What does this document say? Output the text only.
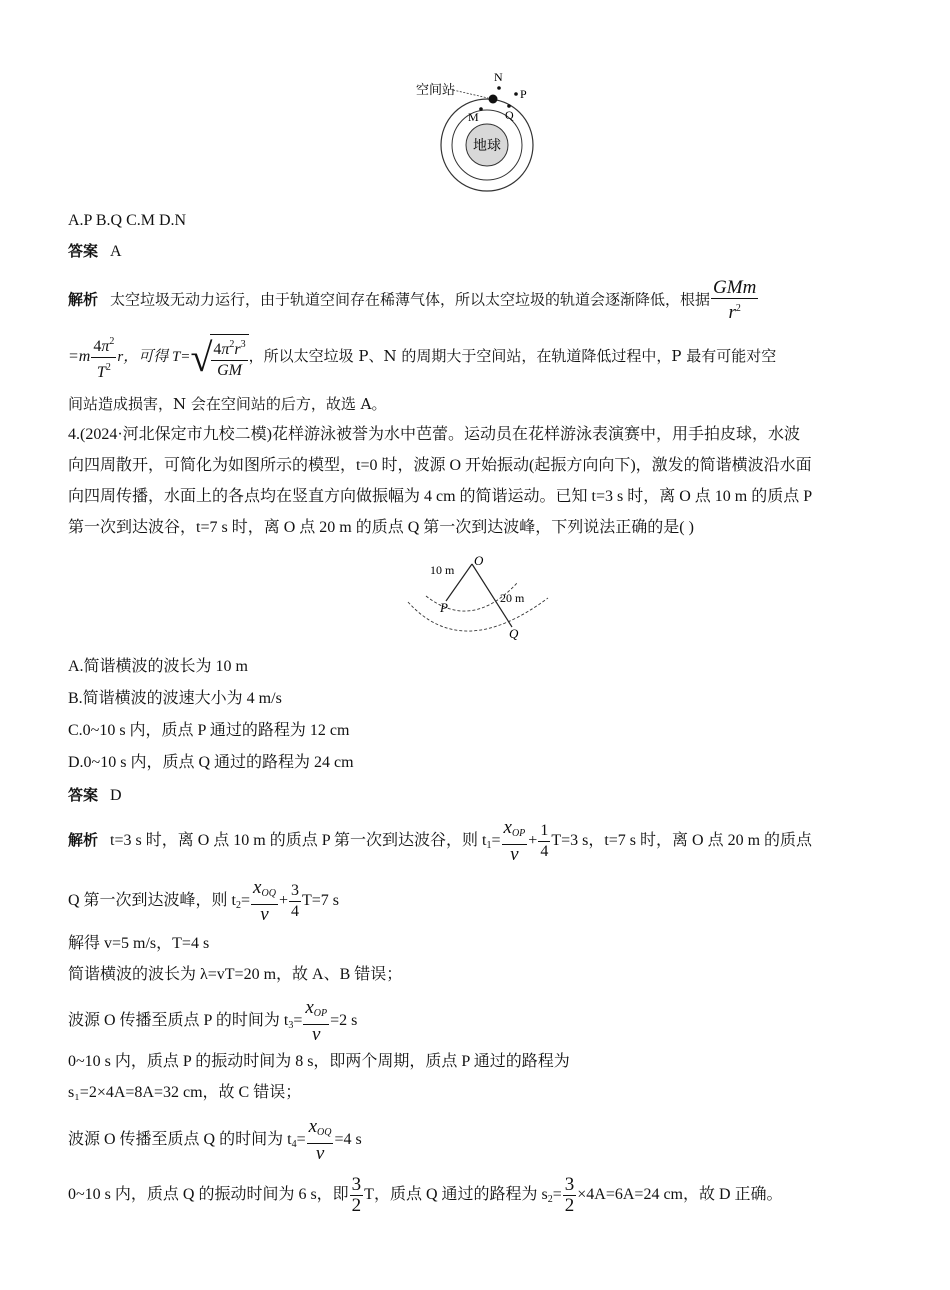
地球
空间站
N
P
Q
M
A.P B.Q C.M D.N
答案 A
解析 太空垃圾无动力运行，由于轨道空间存在稀薄气体，所以太空垃圾的轨道会逐渐降低，根据 $\frac{\text{GMm}}{r^2}$
$=m \frac{4\pi^2}{T^2}$ r，可得 T= √ $\frac{4\pi^2r^3}{GM}$ ，所以太空垃圾 P、N 的周期大于空间站，在轨道降低过程中，P 最有可能对空
间站造成损害，N 会在空间站的后方，故选 A。
4.(2024·河北保定市九校二模)花样游泳被誉为水中芭蕾。运动员在花样游泳表演赛中，用手拍皮球，水波
向四周散开，可简化为如图所示的模型，t=0 时，波源 O 开始振动(起振方向向下)，激发的简谐横波沿水面
向四周传播，水面上的各点均在竖直方向做振幅为 4 cm 的简谐运动。已知 t=3 s 时，离 O 点 10 m 的质点 P
第一次到达波谷，t=7 s 时，离 O 点 20 m 的质点 Q 第一次到达波峰，下列说法正确的是( )
O
10 m
P
20 m
Q
A.简谐横波的波长为 10 m
B.简谐横波的波速大小为 4 m/s
C.0~10 s 内，质点 P 通过的路程为 12 cm
D.0~10 s 内，质点 Q 通过的路程为 24 cm
答案 D
解析 t=3 s 时，离 O 点 10 m 的质点 P 第一次到达波谷，则 $t_1= \frac{x_{OP}}{v} + \frac{1}{4} T=3$ s，t=7 s 时，离 O 点 20 m 的质点
Q 第一次到达波峰，则 $t_2= \frac{x_{OQ}}{v} + \frac{3}{4} T=7$ s
解得 v=5 m/s，T=4 s
简谐横波的波长为 λ=vT=20 m，故 A、B 错误；
波源 O 传播至质点 P 的时间为 $t_3= \frac{x_{OP}}{v} =2$ s
0~10 s 内，质点 P 的振动时间为 8 s，即两个周期，质点 P 通过的路程为
s₁=2×4A=8A=32 cm，故 C 错误；
波源 O 传播至质点 Q 的时间为 $t_4= \frac{x_{OQ}}{v} =4$ s
0~10 s 内，质点 Q 的振动时间为 6 s，即 $\frac{3}{2}$ T，质点 Q 通过的路程为 $s_2= \frac{3}{2} \times 4A=6A=24$ cm，故 D 正确。
